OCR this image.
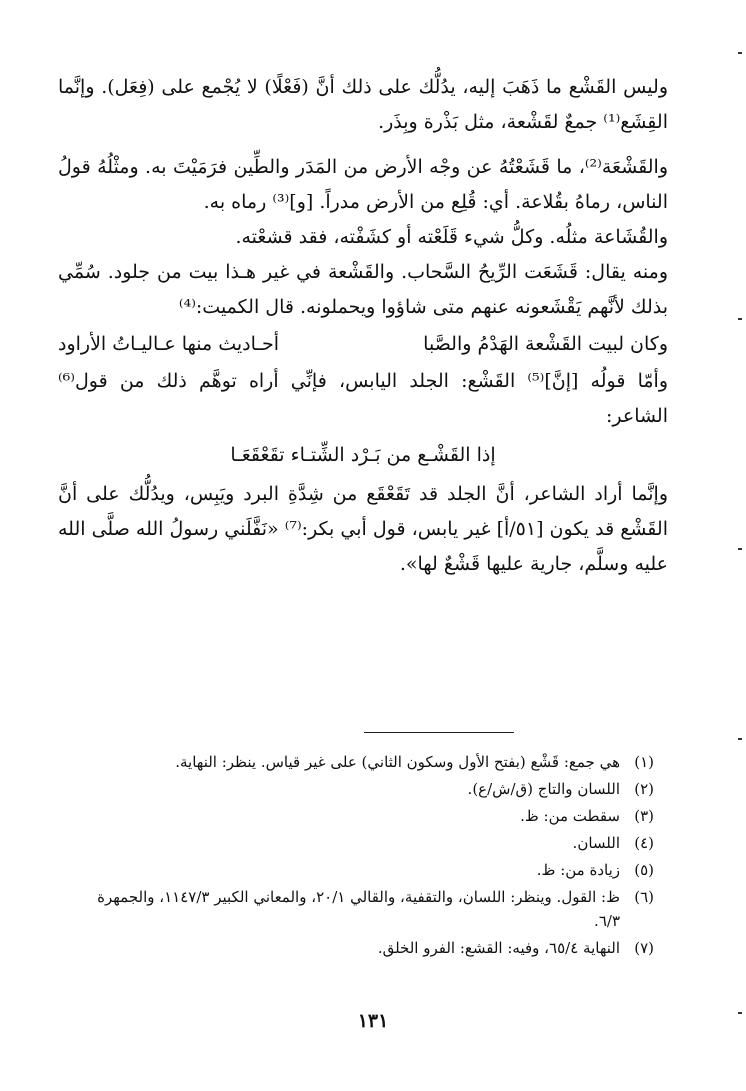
وليس القَشْع ما ذَهَبَ إليه، يدُلُّك على ذلك أنَّ (فَعْلًا) لا يُجْمع على (فِعَل). وإنَّما القِشَع⁽¹⁾ جمعٌ لقَشْعة، مثل بَذْرة وبِذَر.

والقَشْعَة⁽²⁾، ما قَشَعْتُهُ عن وجْه الأرض من المَدَر والطِّين فرَمَيْتَ به. ومثْلُهُ قولُ الناس، رماهُ بقُلاعة. أي: قُلِع من الأرض مدراً. [و]⁽³⁾ رماه به.

والقُشَاعة مثلُه. وكلُّ شيء قَلَعْته أو كشَفْته، فقد قشعْته.

ومنه يقال: قَشَعَت الرِّيحُ السَّحاب. والقَشْعة في غير هـذا بيت من جلود. سُمِّي بذلك لأنَّهم يَقْشَعونه عنهم متى شاؤوا ويحملونه. قال الكميت:⁽⁴⁾

وكان لبيت القَشْعة الهَدْمُ والصَّبا
أحـاديث منها عـاليـاتُ الأراود

وأمّا قولُه [إنَّ]⁽⁵⁾ القَشْع: الجلد اليابس، فإنِّي أراه توهَّم ذلك من قول⁽⁶⁾ الشاعر:

إذا القَشْـع من بَـرْد الشِّتـاء تقَعْقَعَـا

وإنَّما أراد الشاعر، أنَّ الجلد قد تَقَعْقَع من شِدَّةِ البرد ويَبِس، ويدُلُّك على أنَّ القَشْع قد يكون [٥١/أ] غير يابس، قول أبي بكر:⁽⁷⁾ «نَفَّلَني رسولُ الله صلَّى الله عليه وسلَّم، جارية عليها قَشْعٌ لها».

(١)
هي جمع: قَشْع (بفتح الأول وسكون الثاني) على غير قياس. ينظر: النهاية.
(٢)
اللسان والتاج (ق/ش/ع).
(٣)
سقطت من: ظ.
(٤)
اللسان.
(٥)
زيادة من: ظ.
(٦)
ظ: القول. وينظر: اللسان، والتقفية، والقالي ٢٠/١، والمعاني الكبير ١١٤٧/٣، والجمهرة ٦/٣.
(٧)
النهاية ٦٥/٤، وفيه: القشع: الفرو الخلق.
١٣١
